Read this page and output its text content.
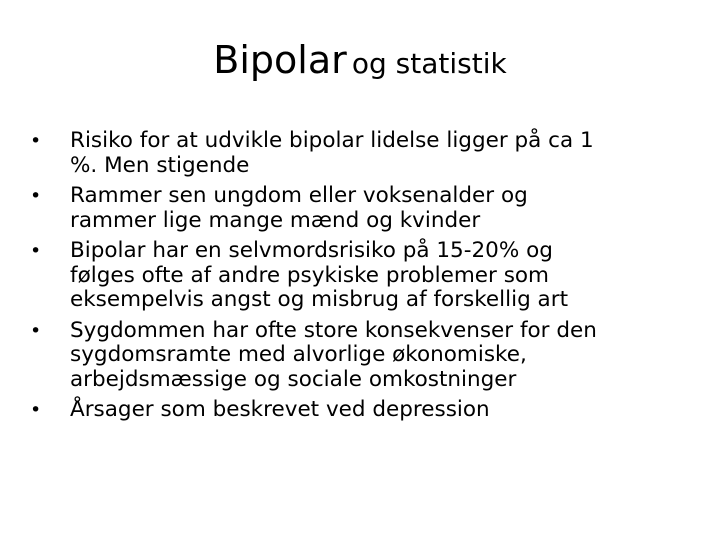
Bipolar og statistik
• Risiko for at udvikle bipolar lidelse ligger på ca 1
%. Men stigende
• Rammer sen ungdom eller voksenalder og
rammer lige mange mænd og kvinder
• Bipolar har en selvmordsrisiko på 15-20% og
følges ofte af andre psykiske problemer som
eksempelvis angst og misbrug af forskellig art
• Sygdommen har ofte store konsekvenser for den
sygdomsramte med alvorlige økonomiske,
arbejdsmæssige og sociale omkostninger
• Årsager som beskrevet ved depression
